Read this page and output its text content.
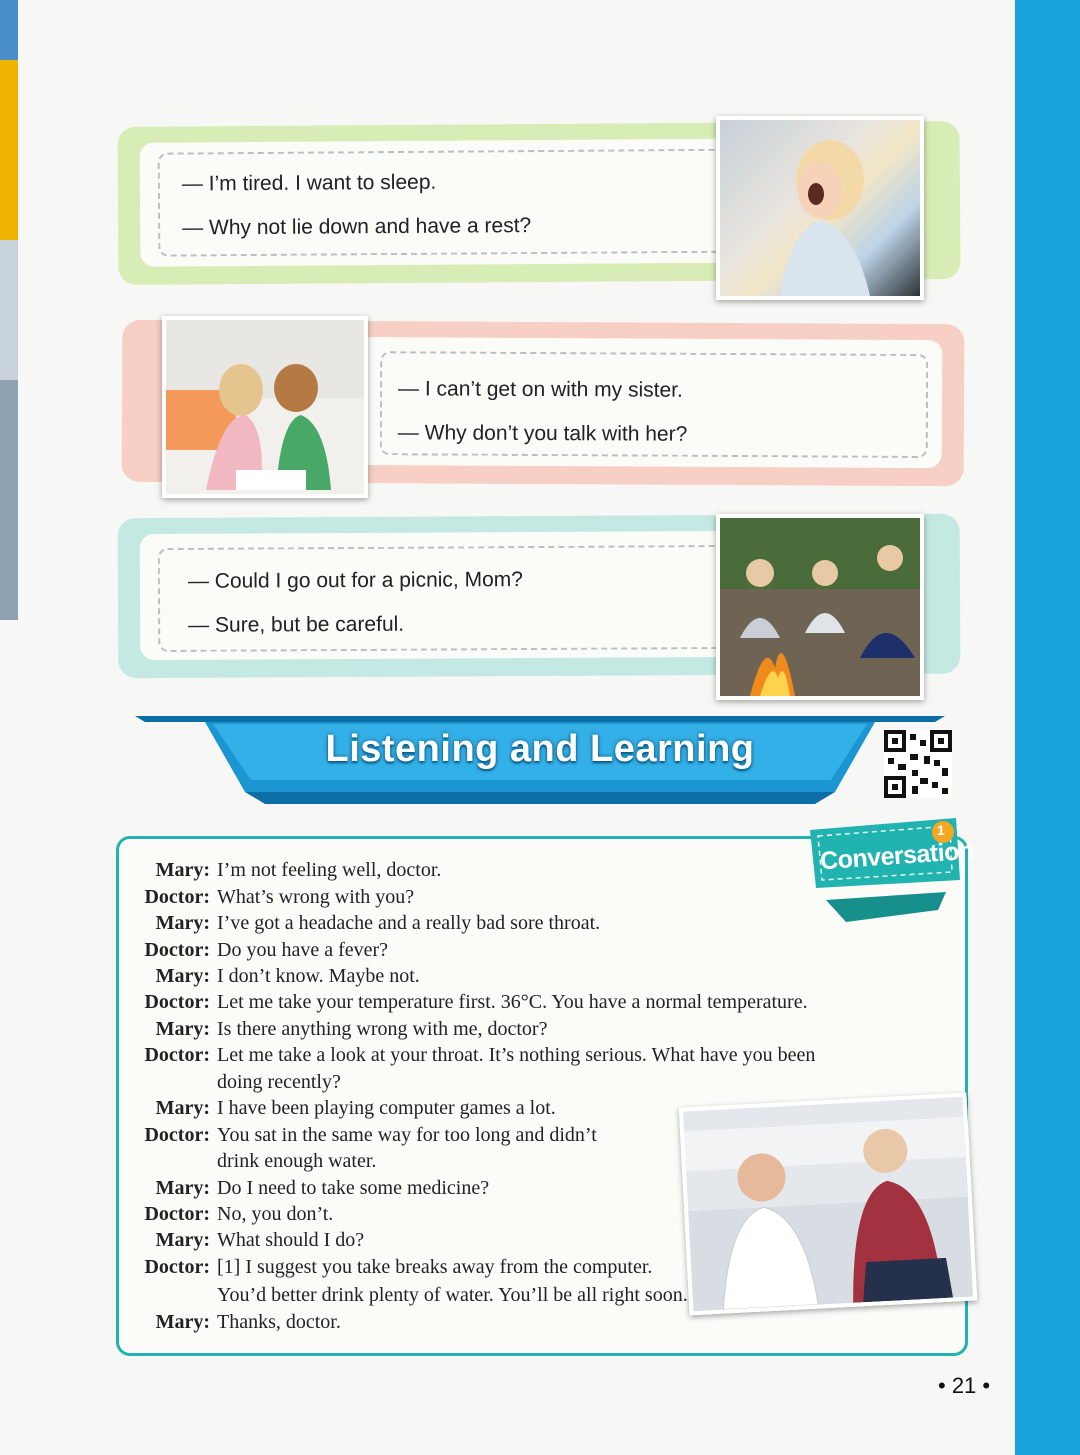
— I’m tired. I want to sleep.
— Why not lie down and have a rest?
— I can’t get on with my sister.
— Why don’t you talk with her?
— Could I go out for a picnic, Mom?
— Sure, but be careful.
Listening and Learning
Conversation
1
Mary: I’m not feeling well, doctor.
Doctor: What’s wrong with you?
Mary: I’ve got a headache and a really bad sore throat.
Doctor: Do you have a fever?
Mary: I don’t know. Maybe not.
Doctor: Let me take your temperature first. 36°C. You have a normal temperature.
Mary: Is there anything wrong with me, doctor?
Doctor: Let me take a look at your throat. It’s nothing serious. What have you been
doing recently?
Mary: I have been playing computer games a lot.
Doctor: You sat in the same way for too long and didn’t
drink enough water.
Mary: Do I need to take some medicine?
Doctor: No, you don’t.
Mary: What should I do?
Doctor: [1] I suggest you take breaks away from the computer.
You’d better drink plenty of water. You’ll be all right soon.
Mary: Thanks, doctor.
• 21 •
